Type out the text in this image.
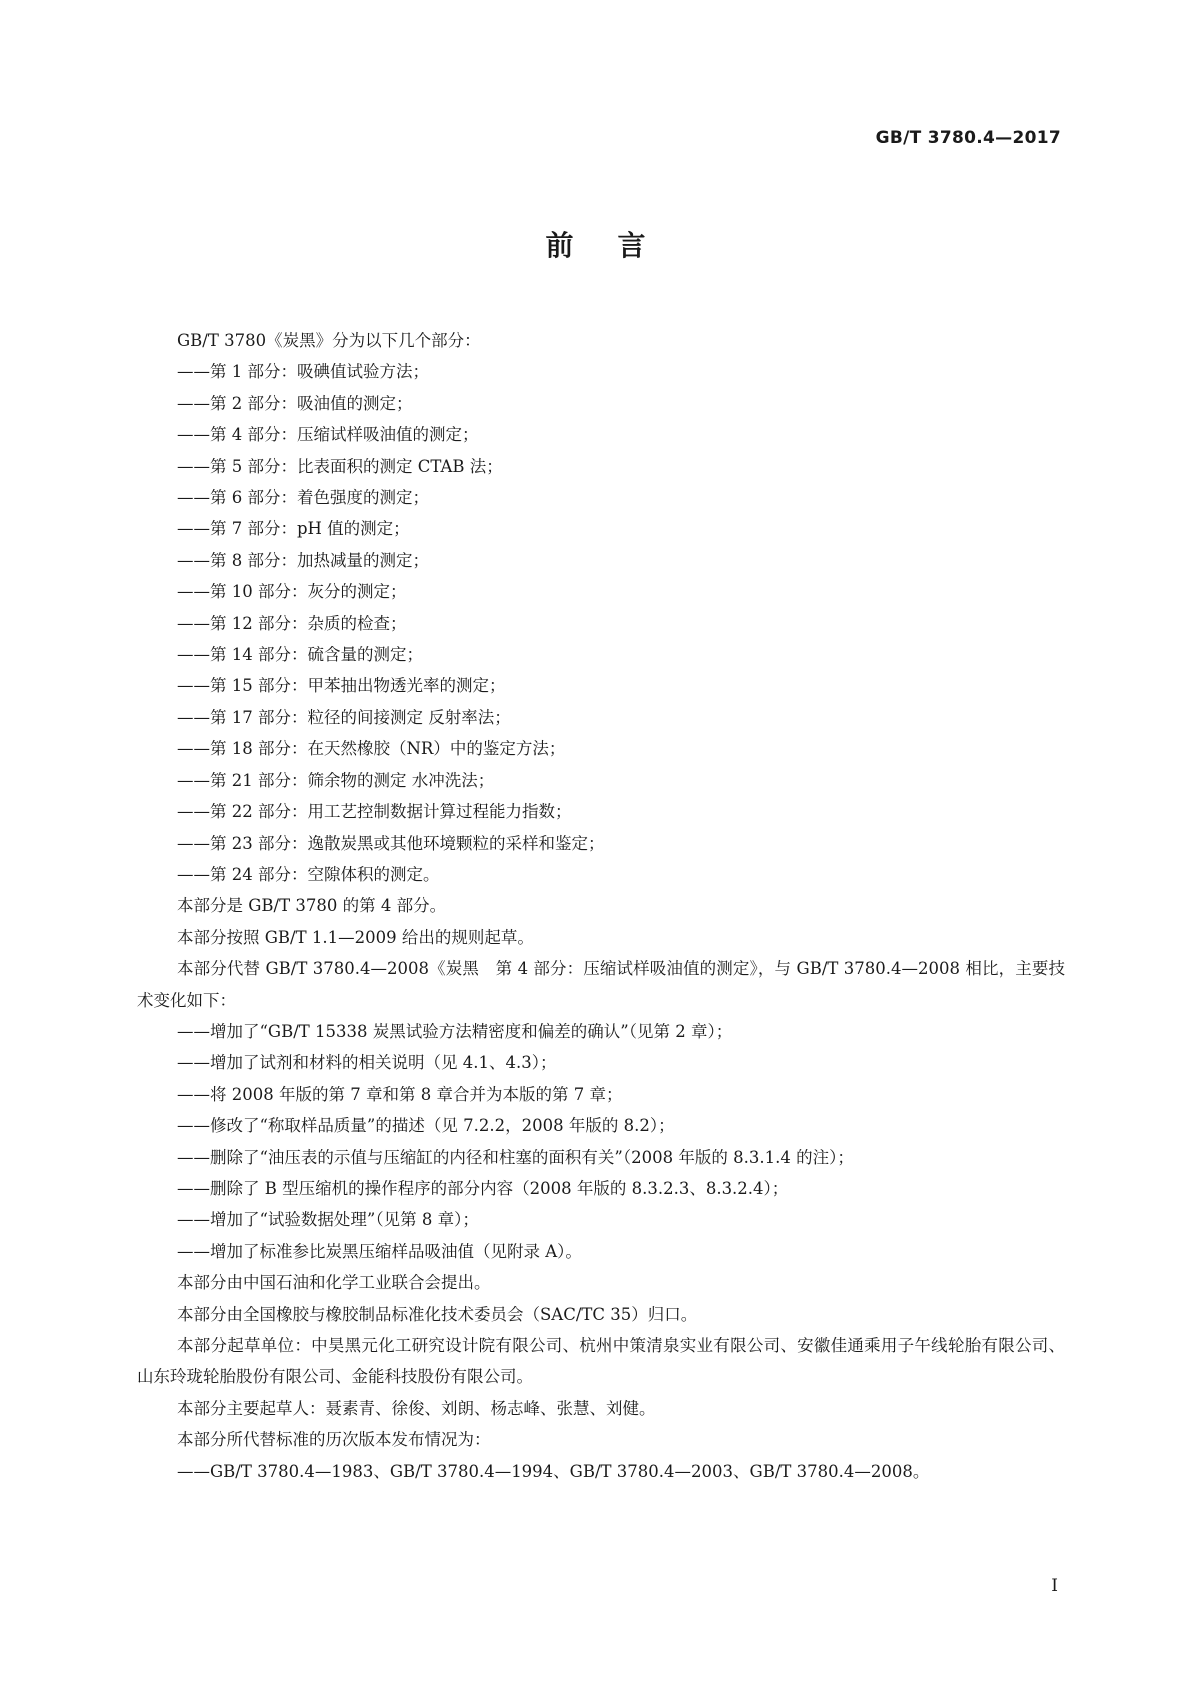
GB/T 3780.4—2017
前 言

GB/T 3780《炭黑》分为以下几个部分：

——第 1 部分：吸碘值试验方法；

——第 2 部分：吸油值的测定；

——第 4 部分：压缩试样吸油值的测定；

——第 5 部分：比表面积的测定 CTAB 法；

——第 6 部分：着色强度的测定；

——第 7 部分：pH 值的测定；

——第 8 部分：加热减量的测定；

——第 10 部分：灰分的测定；

——第 12 部分：杂质的检查；

——第 14 部分：硫含量的测定；

——第 15 部分：甲苯抽出物透光率的测定；

——第 17 部分：粒径的间接测定 反射率法；

——第 18 部分：在天然橡胶（NR）中的鉴定方法；

——第 21 部分：筛余物的测定 水冲洗法；

——第 22 部分：用工艺控制数据计算过程能力指数；

——第 23 部分：逸散炭黑或其他环境颗粒的采样和鉴定；

——第 24 部分：空隙体积的测定。

本部分是 GB/T 3780 的第 4 部分。

本部分按照 GB/T 1.1—2009 给出的规则起草。

本部分代替 GB/T 3780.4—2008《炭黑　第 4 部分：压缩试样吸油值的测定》，与 GB/T 3780.4—2008 相比，主要技术变化如下：

——增加了“GB/T 15338 炭黑试验方法精密度和偏差的确认”（见第 2 章）；

——增加了试剂和材料的相关说明（见 4.1、4.3）；

——将 2008 年版的第 7 章和第 8 章合并为本版的第 7 章；

——修改了“称取样品质量”的描述（见 7.2.2，2008 年版的 8.2）；

——删除了“油压表的示值与压缩缸的内径和柱塞的面积有关”（2008 年版的 8.3.1.4 的注）；

——删除了 B 型压缩机的操作程序的部分内容（2008 年版的 8.3.2.3、8.3.2.4）；

——增加了“试验数据处理”（见第 8 章）；

——增加了标准参比炭黑压缩样品吸油值（见附录 A）。

本部分由中国石油和化学工业联合会提出。

本部分由全国橡胶与橡胶制品标准化技术委员会（SAC/TC 35）归口。

本部分起草单位：中昊黑元化工研究设计院有限公司、杭州中策清泉实业有限公司、安徽佳通乘用子午线轮胎有限公司、山东玲珑轮胎股份有限公司、金能科技股份有限公司。

本部分主要起草人：聂素青、徐俊、刘朗、杨志峰、张慧、刘健。

本部分所代替标准的历次版本发布情况为：

——GB/T 3780.4—1983、GB/T 3780.4—1994、GB/T 3780.4—2003、GB/T 3780.4—2008。

I
